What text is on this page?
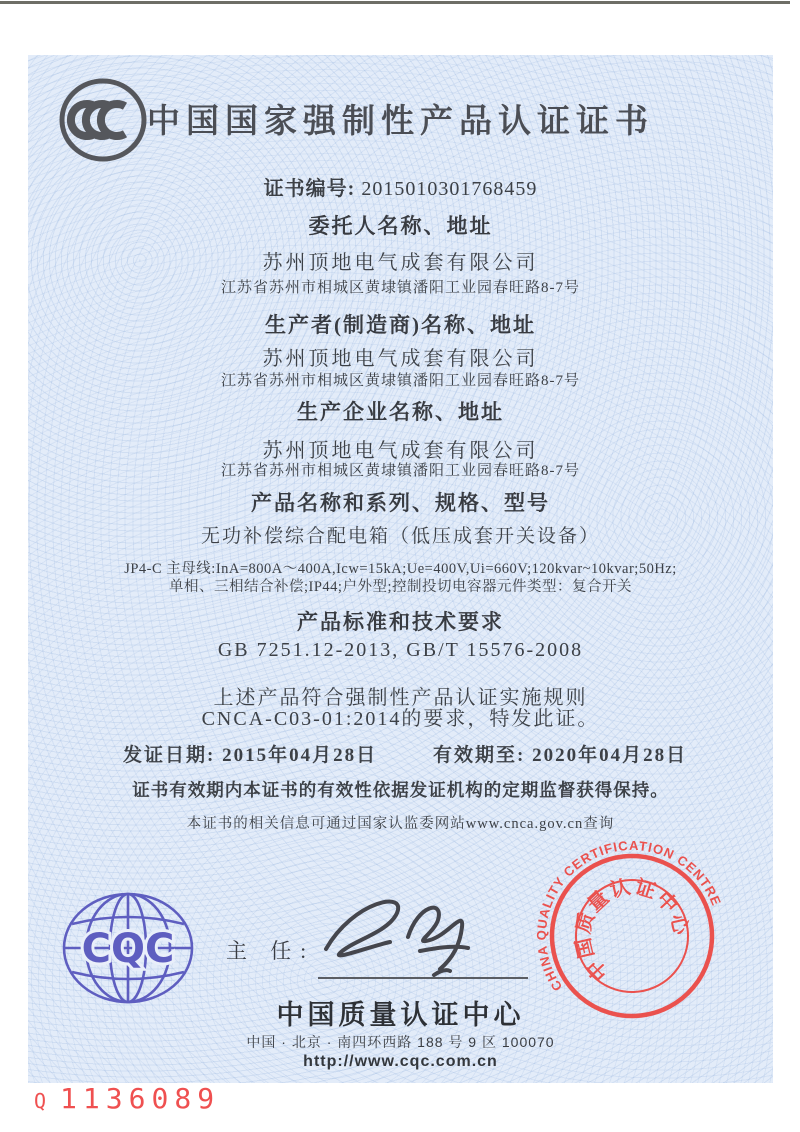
中国国家强制性产品认证证书
证书编号: 2015010301768459
委托人名称、地址
苏州顶地电气成套有限公司
江苏省苏州市相城区黄埭镇潘阳工业园春旺路8-7号
生产者(制造商)名称、地址
苏州顶地电气成套有限公司
江苏省苏州市相城区黄埭镇潘阳工业园春旺路8-7号
生产企业名称、地址
苏州顶地电气成套有限公司
江苏省苏州市相城区黄埭镇潘阳工业园春旺路8-7号
产品名称和系列、规格、型号
无功补偿综合配电箱（低压成套开关设备）
JP4-C 主母线:InA=800A～400A,Icw=15kA;Ue=400V,Ui=660V;120kvar~10kvar;50Hz;
单相、三相结合补偿;IP44;户外型;控制投切电容器元件类型：复合开关
产品标准和技术要求
GB 7251.12-2013, GB/T 15576-2008
上述产品符合强制性产品认证实施规则
CNCA-C03-01:2014的要求，特发此证。
发证日期: 2015年04月28日	有效期至: 2020年04月28日
证书有效期内本证书的有效性依据发证机构的定期监督获得保持。
本证书的相关信息可通过国家认监委网站www.cnca.gov.cn查询
CQC 主 任:
中国质量认证中心
中国 · 北京 · 南四环西路 188 号 9 区 100070
http://www.cqc.com.cn
CHINA QUALITY CERTIFICATION CENTRE
中国质量认证中心
Q 1136089
